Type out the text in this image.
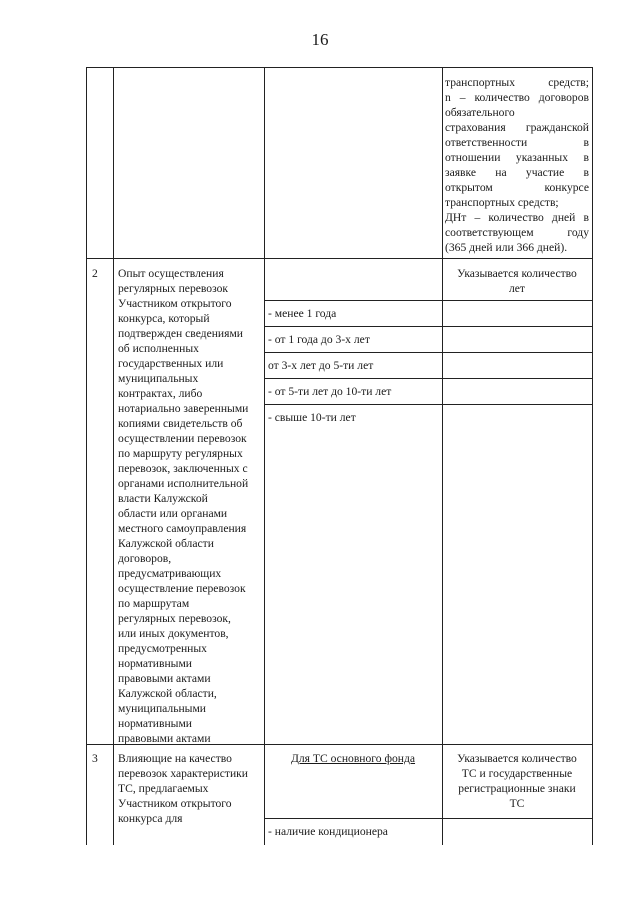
16
транспортных средств;
n – количество договоров
обязательного
страхования гражданской
ответственности в
отношении указанных в
заявке на участие в
открытом конкурсе
транспортных средств;
ДНт – количество дней в
соответствующем году
(365 дней или 366 дней).
2 Опыт осуществления
регулярных перевозок
Участником открытого
конкурса, который
подтвержден сведениями
об исполненных
государственных или
муниципальных
контрактах, либо
нотариально заверенными
копиями свидетельств об
осуществлении перевозок
по маршруту регулярных
перевозок, заключенных с
органами исполнительной
власти Калужской
области или органами
местного самоуправления
Калужской области
договоров,
предусматривающих
осуществление перевозок
по маршрутам
регулярных перевозок,
или иных документов,
предусмотренных
нормативными
правовыми актами
Калужской области,
муниципальными
нормативными
правовыми актами
Указывается количество
лет
- менее 1 года
- от 1 года до 3-х лет
от 3-х лет до 5-ти лет
- от 5-ти лет до 10-ти лет
- свыше 10-ти лет
3 Влияющие на качество
перевозок характеристики
ТС, предлагаемых
Участником открытого
конкурса для
Для ТС основного фонда	Указывается количество
ТС и государственные
регистрационные знаки
ТС
- наличие кондиционера
